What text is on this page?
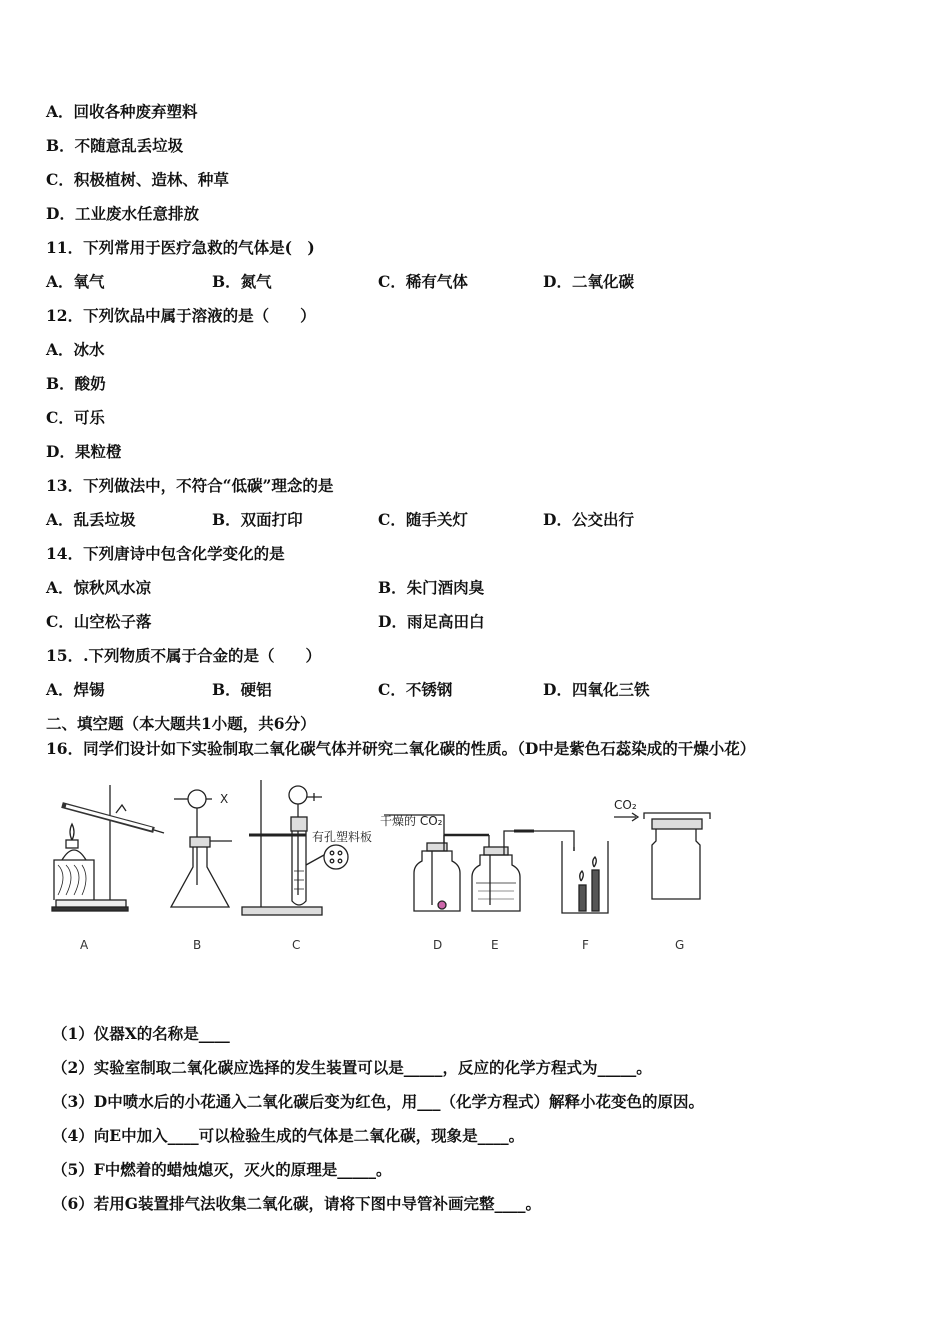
A．回收各种废弃塑料
B．不随意乱丢垃圾
C．积极植树、造林、种草
D．工业废水任意排放
11．下列常用于医疗急救的气体是(　)
A．氧气	B．氮气	C．稀有气体	D．二氧化碳
12．下列饮品中属于溶液的是（　　）
A．冰水
B．酸奶
C．可乐
D．果粒橙
13．下列做法中，不符合“低碳”理念的是
A．乱丢垃圾	B．双面打印	C．随手关灯	D．公交出行
14．下列唐诗中包含化学变化的是
A．惊秋风水凉	B．朱门酒肉臭
C．山空松子落	D．雨足高田白
15．.下列物质不属于合金的是（　　）
A．焊锡	B．硬铝	C．不锈钢	D．四氧化三铁
二、填空题（本大题共1小题，共6分）
16．同学们设计如下实验制取二氧化碳气体并研究二氧化碳的性质。（D中是紫色石蕊染成的干燥小花）
X
有孔塑料板
干燥的 CO₂
CO₂
A	B	C	D	E	F	G
（1）仪器X的名称是____
（2）实验室制取二氧化碳应选择的发生装置可以是_____，反应的化学方程式为_____。
（3）D中喷水后的小花通入二氧化碳后变为红色，用___（化学方程式）解释小花变色的原因。
（4）向E中加入____可以检验生成的气体是二氧化碳，现象是____。
（5）F中燃着的蜡烛熄灭，灭火的原理是_____。
（6）若用G装置排气法收集二氧化碳，请将下图中导管补画完整____。
